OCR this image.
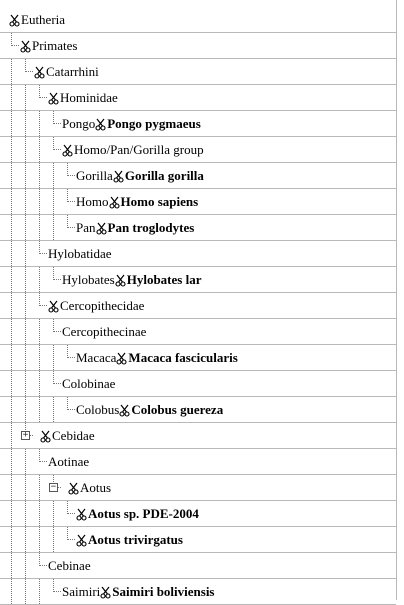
Eutheria
Primates
Catarrhini
Hominidae
Pongo Pongo pygmaeus
Homo/Pan/Gorilla group
Gorilla Gorilla gorilla
Homo Homo sapiens
Pan Pan troglodytes
Hylobatidae
Hylobates Hylobates lar
Cercopithecidae
Cercopithecinae
Macaca Macaca fascicularis
Colobinae
Colobus Colobus guereza
+ Cebidae
Aotinae
− Aotus
Aotus sp. PDE-2004
Aotus trivirgatus
Cebinae
Saimiri Saimiri boliviensis
